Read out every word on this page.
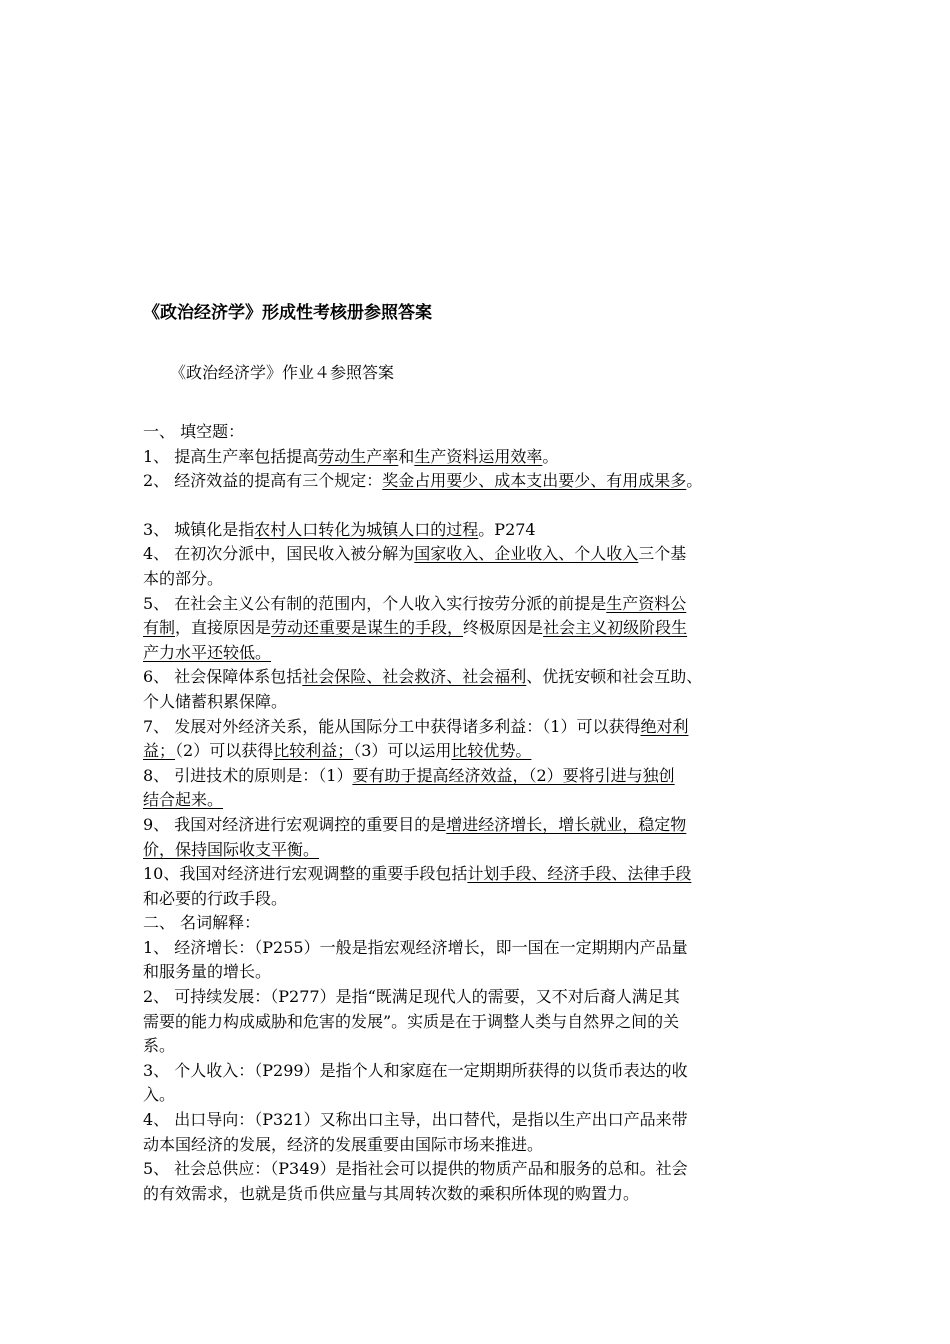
《政治经济学》形成性考核册参照答案
《政治经济学》作业４参照答案
一、 填空题：
1、 提高生产率包括提高劳动生产率和生产资料运用效率。
2、 经济效益的提高有三个规定：奖金占用要少、成本支出要少、有用成果多。
3、 城镇化是指农村人口转化为城镇人口的过程。P274
4、 在初次分派中，国民收入被分解为国家收入、企业收入、个人收入三个基
本的部分。
5、 在社会主义公有制的范围内，个人收入实行按劳分派的前提是生产资料公
有制，直接原因是劳动还重要是谋生的手段，终极原因是社会主义初级阶段生
产力水平还较低。
6、 社会保障体系包括社会保险、社会救济、社会福利、优抚安顿和社会互助、
个人储蓄积累保障。
7、 发展对外经济关系，能从国际分工中获得诸多利益：（1）可以获得绝对利
益；（2）可以获得比较利益；（3）可以运用比较优势。
8、 引进技术的原则是：（1）要有助于提高经济效益，（2）要将引进与独创
结合起来。
9、 我国对经济进行宏观调控的重要目的是增进经济增长，增长就业，稳定物
价，保持国际收支平衡。
10、我国对经济进行宏观调整的重要手段包括计划手段、经济手段、法律手段
和必要的行政手段。
二、 名词解释：
1、 经济增长：（P255）一般是指宏观经济增长，即一国在一定期期内产品量
和服务量的增长。
2、 可持续发展：（P277）是指“既满足现代人的需要，又不对后裔人满足其
需要的能力构成威胁和危害的发展”。实质是在于调整人类与自然界之间的关
系。
3、 个人收入：（P299）是指个人和家庭在一定期期所获得的以货币表达的收
入。
4、 出口导向：（P321）又称出口主导，出口替代，是指以生产出口产品来带
动本国经济的发展，经济的发展重要由国际市场来推进。
5、 社会总供应：（P349）是指社会可以提供的物质产品和服务的总和。社会
的有效需求，也就是货币供应量与其周转次数的乘积所体现的购置力。
